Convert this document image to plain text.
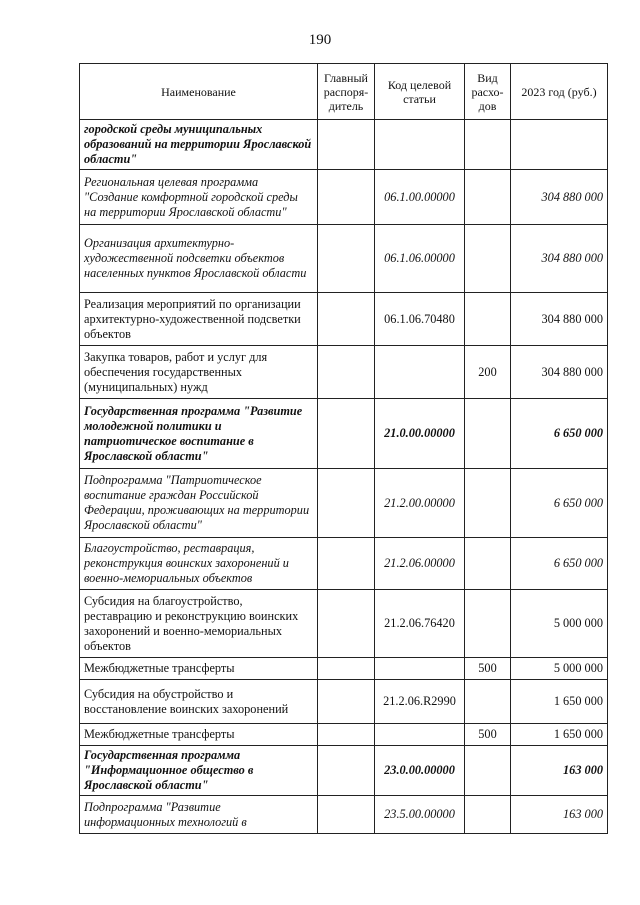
190
Наименование	Главный распоря- дитель	Код целевой статьи	Вид расхо- дов	2023 год (руб.)
городской среды муниципальных образований на территории Ярославской области"				
Региональная целевая программа "Создание комфортной городской среды на территории Ярославской области"		06.1.00.00000		304 880 000
Организация архитектурно-художественной подсветки объектов населенных пунктов Ярославской области		06.1.06.00000		304 880 000
Реализация мероприятий по организации архитектурно-художественной подсветки объектов		06.1.06.70480		304 880 000
Закупка товаров, работ и услуг для обеспечения государственных (муниципальных) нужд			200	304 880 000
Государственная программа "Развитие молодежной политики и патриотическое воспитание в Ярославской области"		21.0.00.00000		6 650 000
Подпрограмма "Патриотическое воспитание граждан Российской Федерации, проживающих на территории Ярославской области"		21.2.00.00000		6 650 000
Благоустройство, реставрация, реконструкция воинских захоронений и военно-мемориальных объектов		21.2.06.00000		6 650 000
Субсидия на благоустройство, реставрацию и реконструкцию воинских захоронений и военно-мемориальных объектов		21.2.06.76420		5 000 000
Межбюджетные трансферты			500	5 000 000
Субсидия на обустройство и восстановление воинских захоронений		21.2.06.R2990		1 650 000
Межбюджетные трансферты			500	1 650 000
Государственная программа "Информационное общество в Ярославской области"		23.0.00.00000		163 000
Подпрограмма "Развитие информационных технологий в		23.5.00.00000		163 000
